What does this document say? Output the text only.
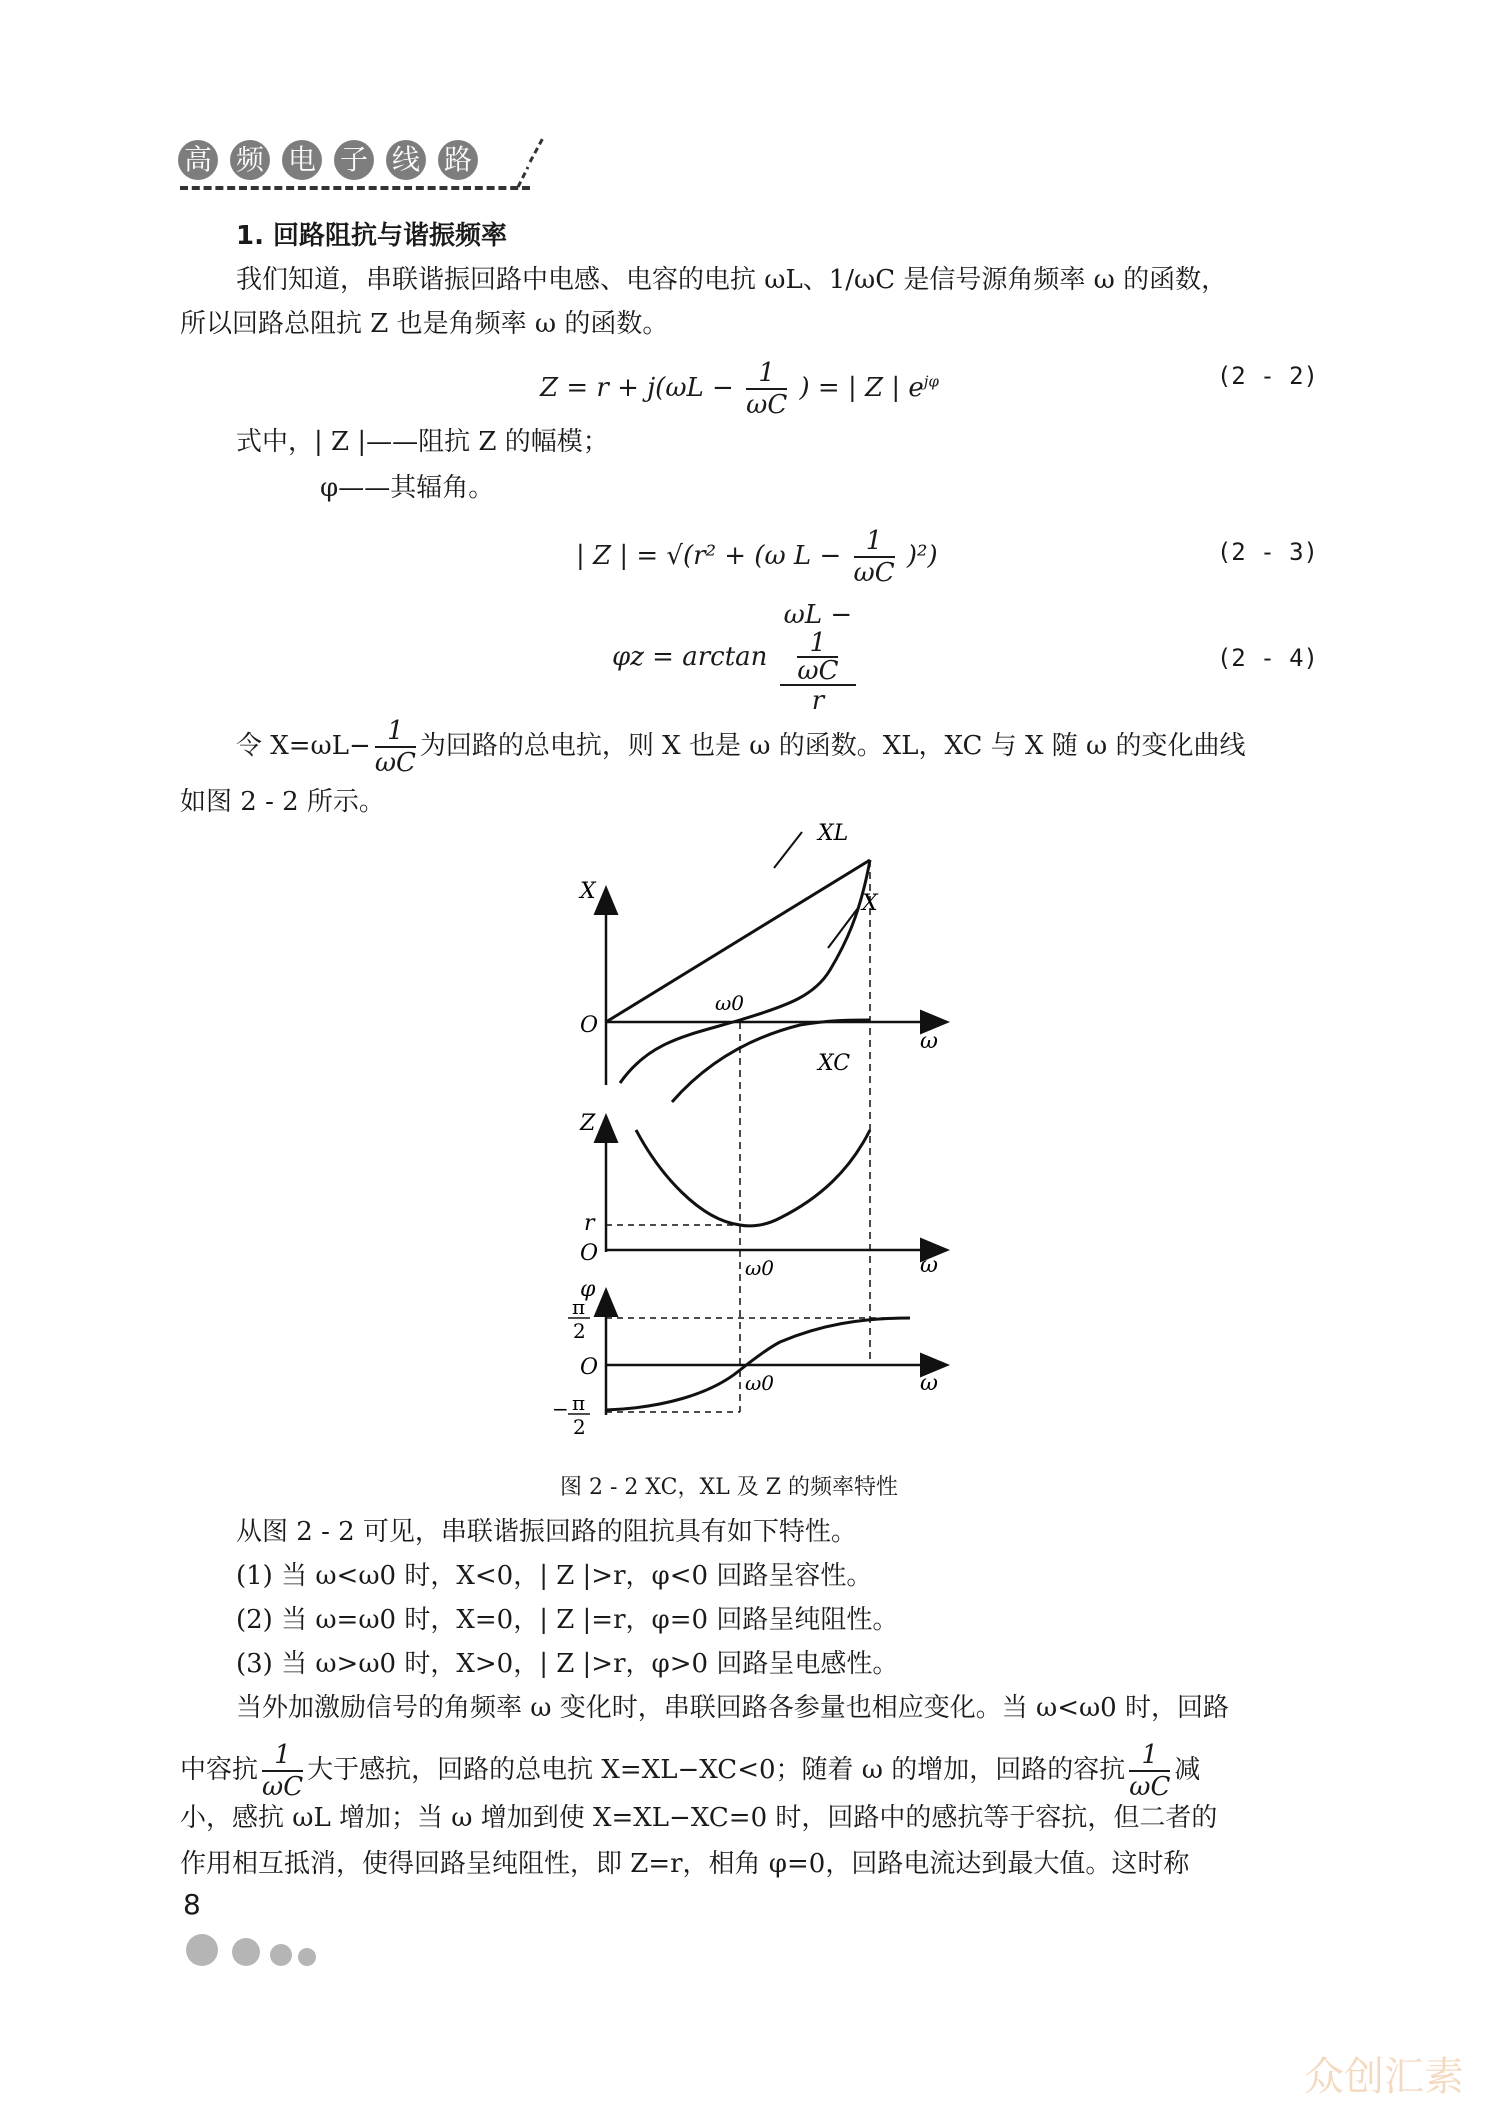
高 频 电 子 线 路
1. 回路阻抗与谐振频率
我们知道，串联谐振回路中电感、电容的电抗 ωL、1/ωC 是信号源角频率 ω 的函数，
所以回路总阻抗 Z 也是角频率 ω 的函数。
$Z = r + j(\omega L - \frac{1}{\omega C}$ ) = | Z | $e^{j\varphi}$	(2 - 2)
式中，| Z |——阻抗 Z 的幅模；
φ——其辐角。
| Z | = √(r² + (ω $L - \frac{1}{\omega C} )^2$)	(2 - 3)
φz = arctan ωL −
$\frac{1}{\omega C}$
r	(2 - 4)
令 $X=\omega L- \frac{1}{\omega C}$ 为回路的总电抗，则 X 也是 ω 的函数。XL，XC 与 X 随 ω 的变化曲线
如图 2 - 2 所示。
XL
X
X
O
ω0
ω
XC
Z
r
O
ω0	ω
φ
π
2
O
ω0	ω
− π
2
图 2 - 2 XC，XL 及 Z 的频率特性
从图 2 - 2 可见，串联谐振回路的阻抗具有如下特性。
(1) 当 ω<ω0 时，X<0，| Z |>r，φ<0 回路呈容性。
(2) 当 ω=ω0 时，X=0，| Z |=r，φ=0 回路呈纯阻性。
(3) 当 ω>ω0 时，X>0，| Z |>r，φ>0 回路呈电感性。
当外加激励信号的角频率 ω 变化时，串联回路各参量也相应变化。当 ω<ω0 时，回路
中容抗 $\frac{1}{\omega C}$ 大于感抗，回路的总电抗 X=XL−XC<0；随着 ω 的增加，回路的容抗 $\frac{1}{\omega C}$ 减
小，感抗 ωL 增加；当 ω 增加到使 X=XL−XC=0 时，回路中的感抗等于容抗，但二者的
作用相互抵消，使得回路呈纯阻性，即 Z=r，相角 φ=0，回路电流达到最大值。这时称
8
众创汇素
